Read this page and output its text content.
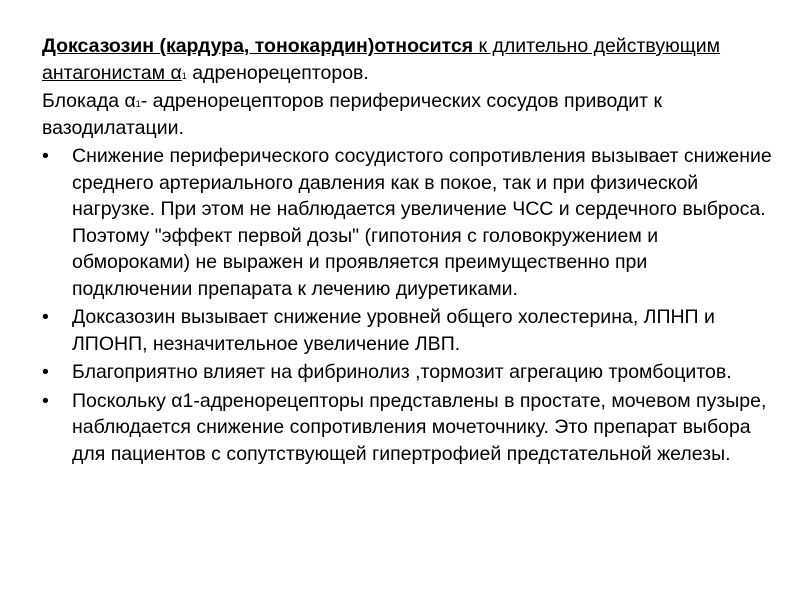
Доксазозин (кардура, тонокардин)относится к длительно действующим антагонистам α1 адренорецепторов.

Блокада α1- адренорецепторов периферических сосудов приводит к вазодилатации.

• Снижение периферического сосудистого сопротивления вызывает снижение среднего артериального давления как в покое, так и при физической нагрузке. При этом не наблюдается увеличение ЧСС и сердечного выброса. Поэтому "эффект первой дозы" (гипотония с головокружением и обмороками) не выражен и проявляется преимущественно при подключении препарата к лечению диуретиками.
• Доксазозин вызывает снижение уровней общего холестерина, ЛПНП и ЛПОНП, незначительное увеличение ЛВП.
• Благоприятно влияет на фибринолиз ,тормозит агрегацию тромбоцитов.
• Поскольку α1-адренорецепторы представлены в простате, мочевом пузыре, наблюдается снижение сопротивления мочеточнику. Это препарат выбора для пациентов с сопутствующей гипертрофией предстательной железы.
